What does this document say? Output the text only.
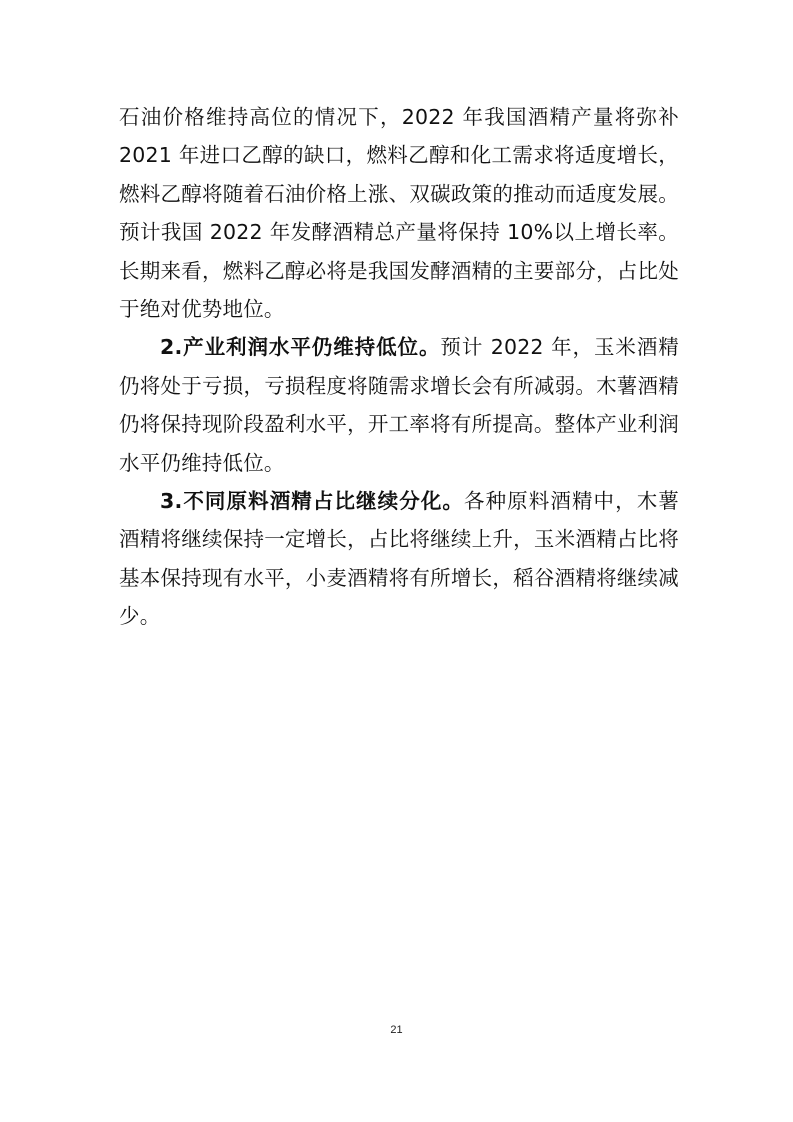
石油价格维持高位的情况下，2022 年我国酒精产量将弥补 2021 年进口乙醇的缺口，燃料乙醇和化工需求将适度增长，燃料乙醇将随着石油价格上涨、双碳政策的推动而适度发展。预计我国 2022 年发酵酒精总产量将保持 10%以上增长率。长期来看，燃料乙醇必将是我国发酵酒精的主要部分，占比处于绝对优势地位。

2.产业利润水平仍维持低位。预计 2022 年，玉米酒精仍将处于亏损，亏损程度将随需求增长会有所减弱。木薯酒精仍将保持现阶段盈利水平，开工率将有所提高。整体产业利润水平仍维持低位。

3.不同原料酒精占比继续分化。各种原料酒精中，木薯酒精将继续保持一定增长，占比将继续上升，玉米酒精占比将基本保持现有水平，小麦酒精将有所增长，稻谷酒精将继续减少。

21
